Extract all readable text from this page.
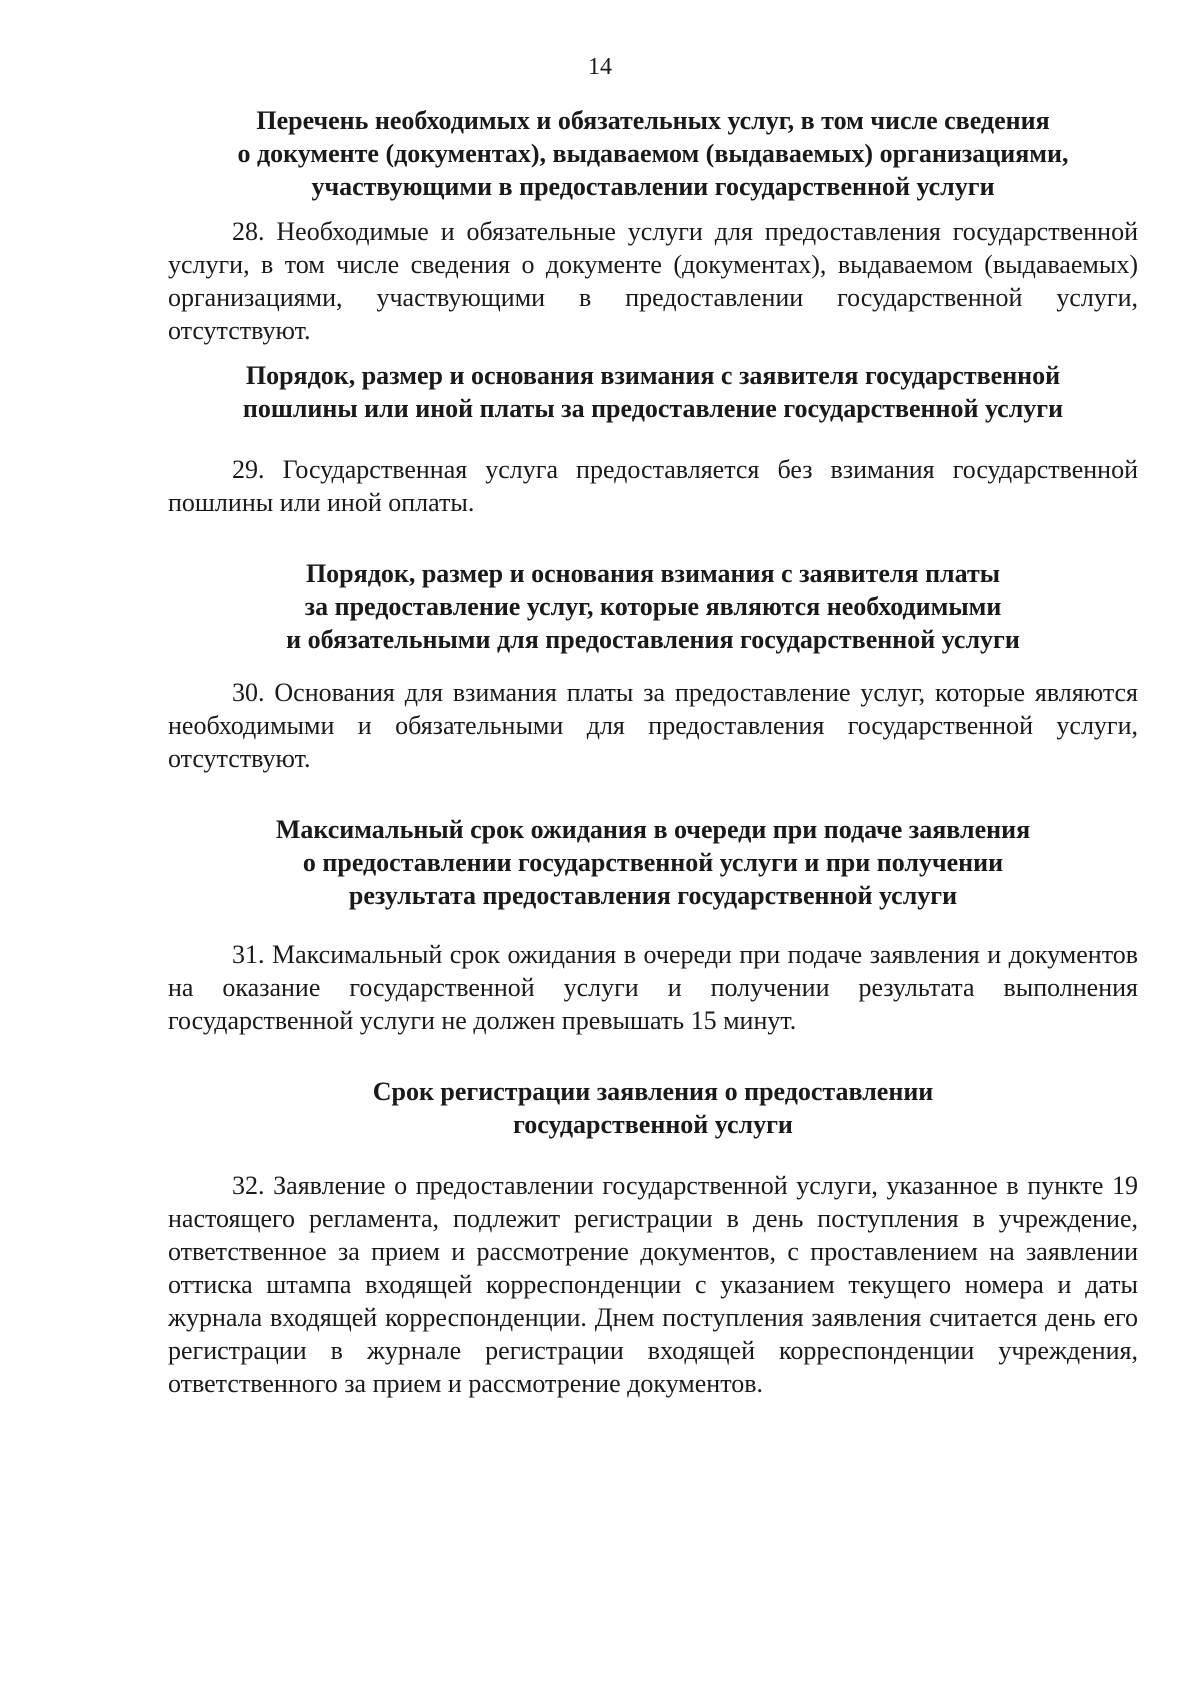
14
Перечень необходимых и обязательных услуг, в том числе сведения
о документе (документах), выдаваемом (выдаваемых) организациями,
участвующими в предоставлении государственной услуги

28. Необходимые и обязательные услуги для предоставления государственной услуги, в том числе сведения о документе (документах), выдаваемом (выдаваемых) организациями, участвующими в предоставлении государственной услуги, отсутствуют.

Порядок, размер и основания взимания с заявителя государственной
пошлины или иной платы за предоставление государственной услуги

29. Государственная услуга предоставляется без взимания государственной пошлины или иной оплаты.

Порядок, размер и основания взимания с заявителя платы
за предоставление услуг, которые являются необходимыми
и обязательными для предоставления государственной услуги

30. Основания для взимания платы за предоставление услуг, которые являются необходимыми и обязательными для предоставления государственной услуги, отсутствуют.

Максимальный срок ожидания в очереди при подаче заявления
о предоставлении государственной услуги и при получении
результата предоставления государственной услуги

31. Максимальный срок ожидания в очереди при подаче заявления и документов на оказание государственной услуги и получении результата выполнения государственной услуги не должен превышать 15 минут.

Срок регистрации заявления о предоставлении
государственной услуги

32. Заявление о предоставлении государственной услуги, указанное в пункте 19 настоящего регламента, подлежит регистрации в день поступления в учреждение, ответственное за прием и рассмотрение документов, с проставлением на заявлении оттиска штампа входящей корреспонденции с указанием текущего номера и даты журнала входящей корреспонденции. Днем поступления заявления считается день его регистрации в журнале регистрации входящей корреспонденции учреждения, ответственного за прием и рассмотрение документов.
